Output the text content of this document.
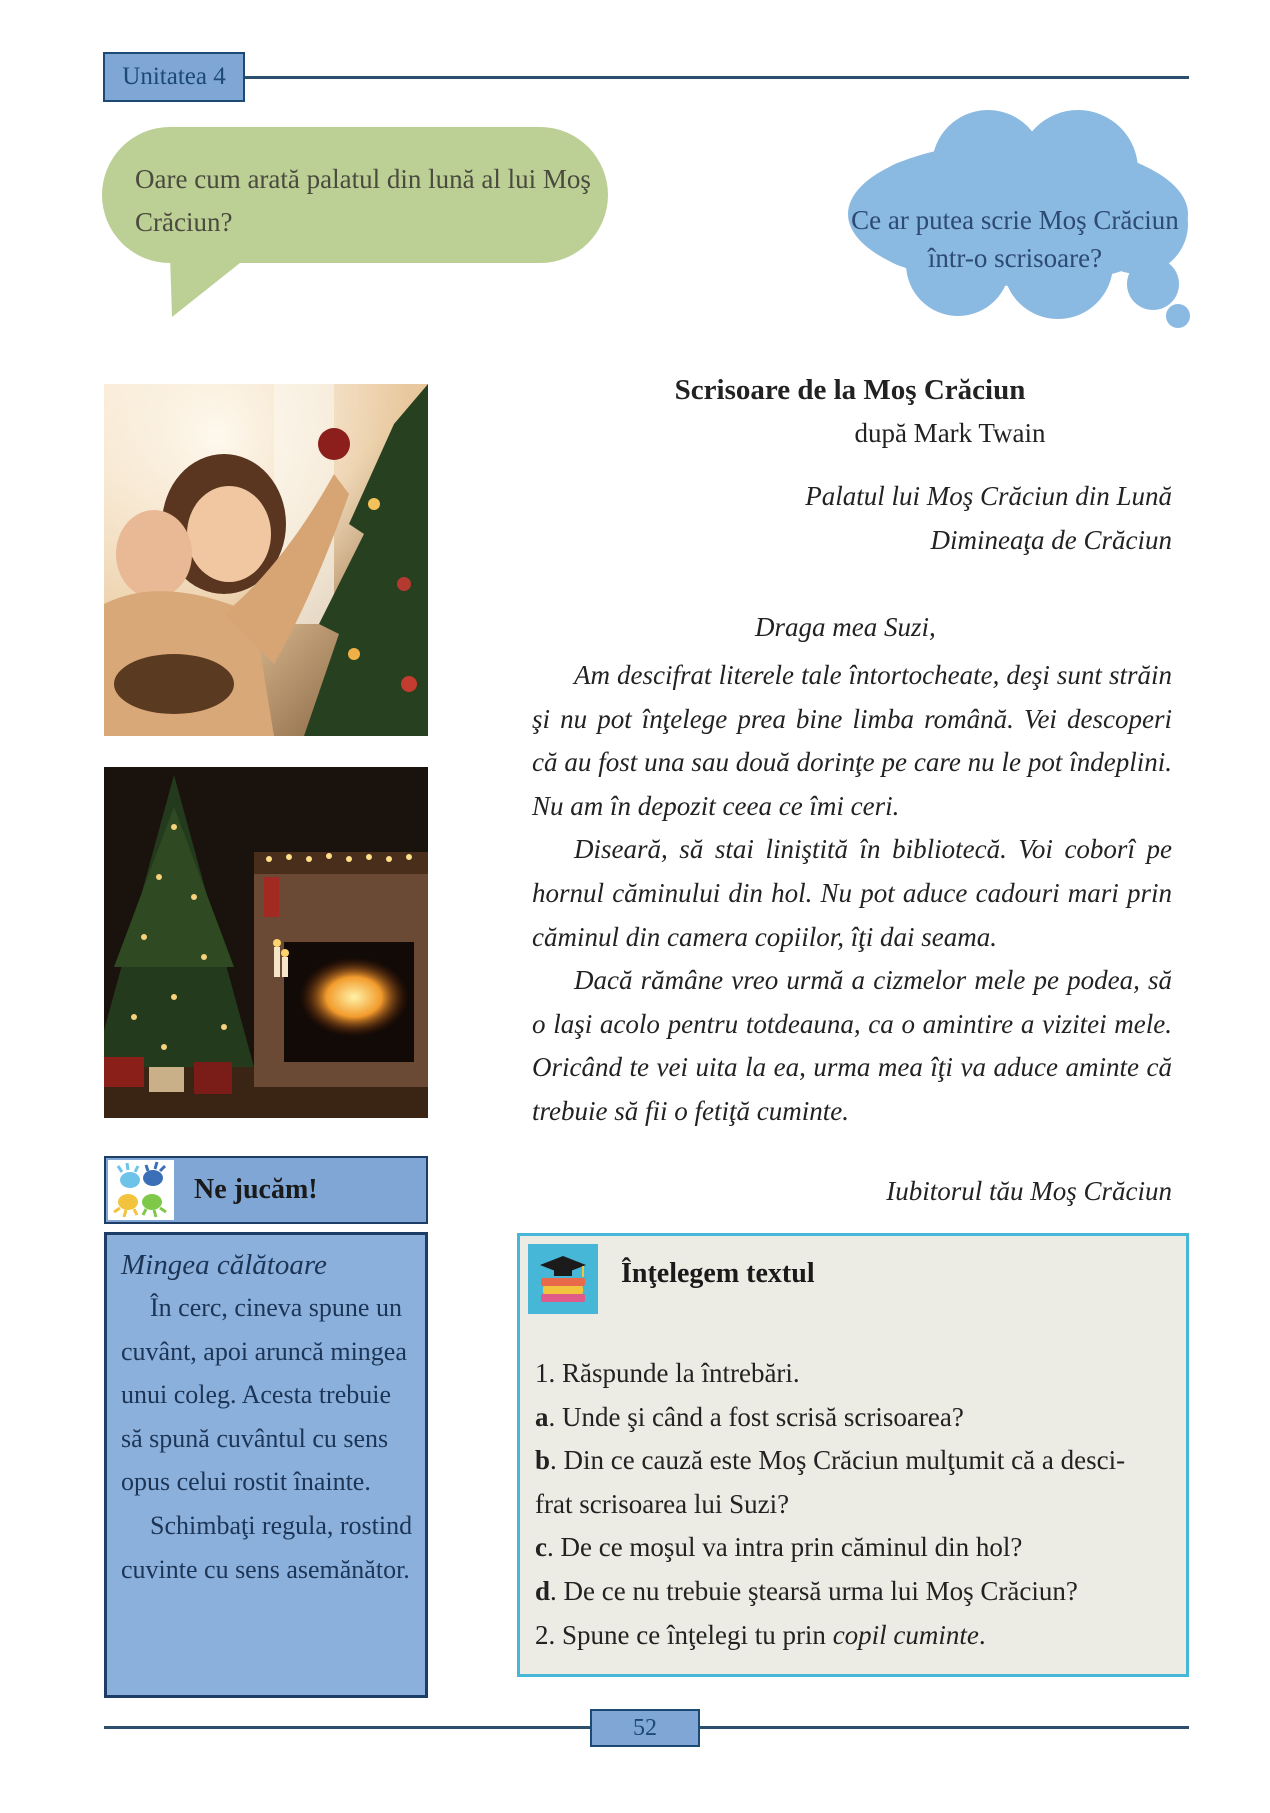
Unitatea 4
Oare cum arată palatul din lună al lui Moş Crăciun?	Ce ar putea scrie Moş Crăciun într-o scrisoare?
Scrisoare de la Moş Crăciun
după Mark Twain
Palatul lui Moş Crăciun din Lună
Dimineaţa de Crăciun
Draga mea Suzi,

Am descifrat literele tale întortocheate, deşi sunt străin şi nu pot înţelege prea bine limba română. Vei descoperi că au fost una sau două dorinţe pe care nu le pot îndeplini. Nu am în depozit ceea ce îmi ceri.

Diseară, să stai liniştită în bibliotecă. Voi coborî pe hornul căminului din hol. Nu pot aduce cadouri mari prin căminul din camera copiilor, îţi dai seama.

Dacă rămâne vreo urmă a cizmelor mele pe podea, să o laşi acolo pentru totdeauna, ca o amintire a vizitei mele. Oricând te vei uita la ea, urma mea îţi va aduce aminte că trebuie să fii o fetiţă cuminte.

Iubitorul tău Moş Crăciun
Ne jucăm!
Mingea călătoare

În cerc, cineva spune un cuvânt, apoi aruncă mingea unui coleg. Acesta trebuie să spună cuvântul cu sens opus celui rostit înainte.

Schimbaţi regula, rostind cuvinte cu sens asemănător.

Înţelegem textul
1. Răspunde la întrebări.
a. Unde şi când a fost scrisă scrisoarea?
b. Din ce cauză este Moş Crăciun mulţumit că a desci-
frat scrisoarea lui Suzi?
c. De ce moşul va intra prin căminul din hol?
d. De ce nu trebuie ştearsă urma lui Moş Crăciun?
2. Spune ce înţelegi tu prin copil cuminte.
52
